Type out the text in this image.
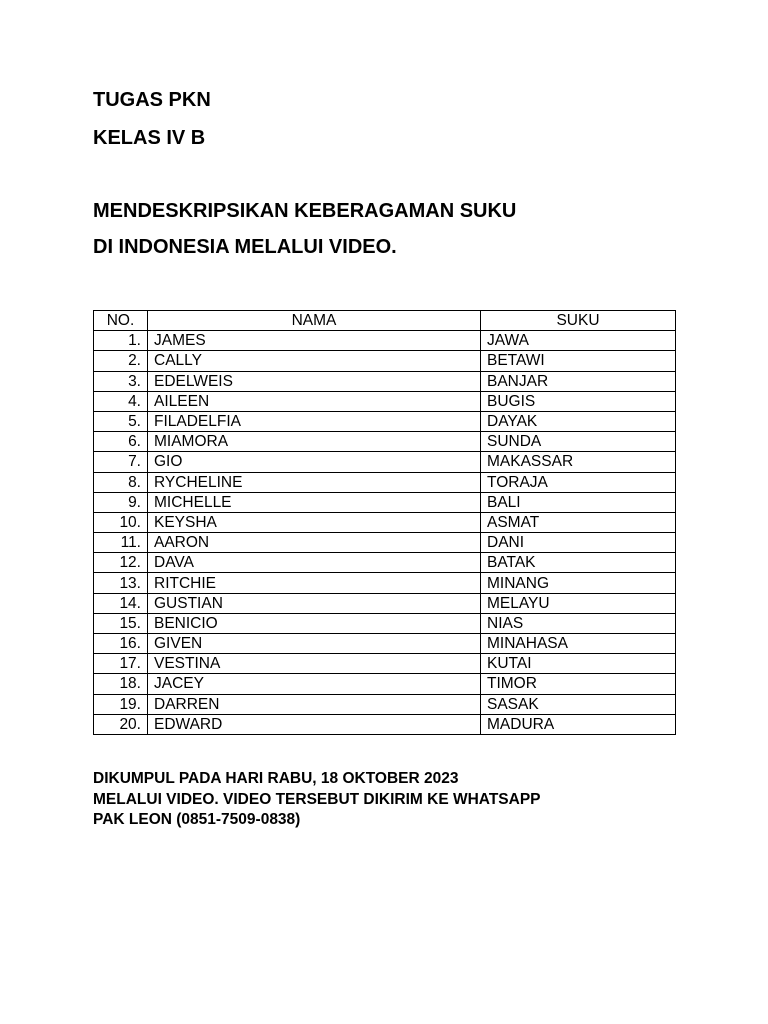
TUGAS PKN

KELAS IV B

MENDESKRIPSIKAN KEBERAGAMAN SUKU

DI INDONESIA MELALUI VIDEO.

NO.	NAMA	SUKU
1.	JAMES	JAWA
2.	CALLY	BETAWI
3.	EDELWEIS	BANJAR
4.	AILEEN	BUGIS
5.	FILADELFIA	DAYAK
6.	MIAMORA	SUNDA
7.	GIO	MAKASSAR
8.	RYCHELINE	TORAJA
9.	MICHELLE	BALI
10.	KEYSHA	ASMAT
11.	AARON	DANI
12.	DAVA	BATAK
13.	RITCHIE	MINANG
14.	GUSTIAN	MELAYU
15.	BENICIO	NIAS
16.	GIVEN	MINAHASA
17.	VESTINA	KUTAI
18.	JACEY	TIMOR
19.	DARREN	SASAK
20.	EDWARD	MADURA
DIKUMPUL PADA HARI RABU, 18 OKTOBER 2023
MELALUI VIDEO. VIDEO TERSEBUT DIKIRIM KE WHATSAPP
PAK LEON (0851-7509-0838)
